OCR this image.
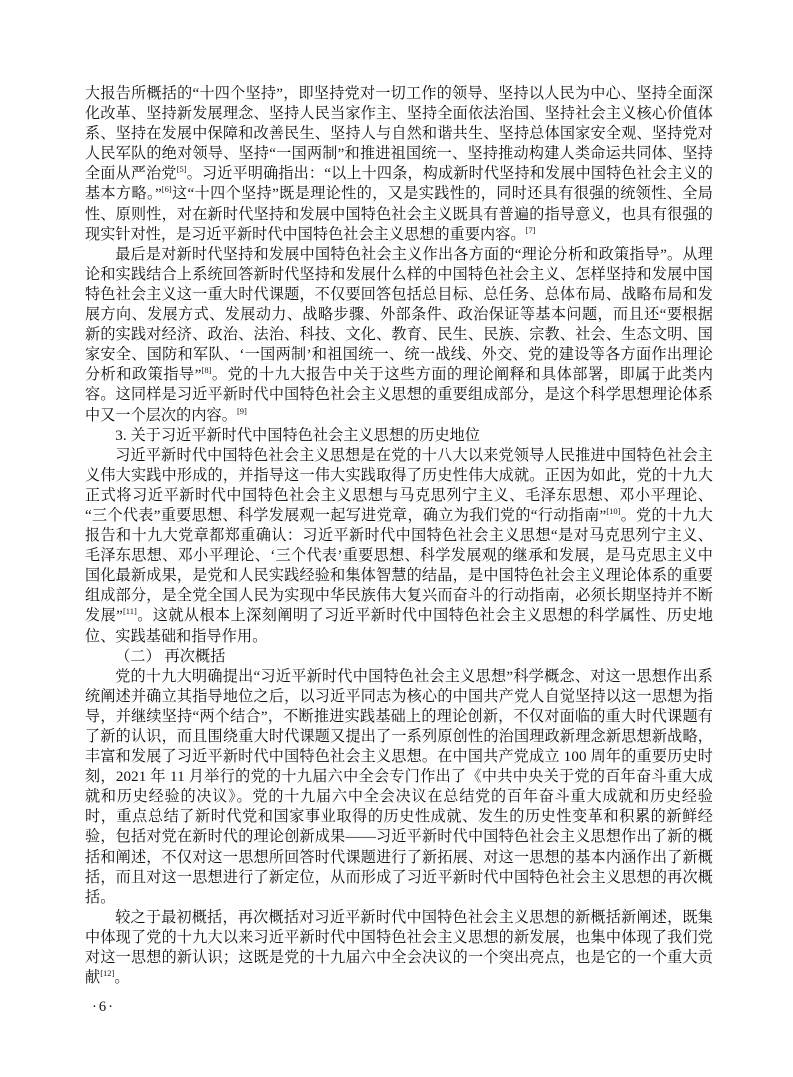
大报告所概括的“十四个坚持”，即坚持党对一切工作的领导、坚持以人民为中心、坚持全面深化改革、坚持新发展理念、坚持人民当家作主、坚持全面依法治国、坚持社会主义核心价值体系、坚持在发展中保障和改善民生、坚持人与自然和谐共生、坚持总体国家安全观、坚持党对人民军队的绝对领导、坚持“一国两制”和推进祖国统一、坚持推动构建人类命运共同体、坚持全面从严治党[5]。习近平明确指出：“以上十四条，构成新时代坚持和发展中国特色社会主义的基本方略。”[6]这“十四个坚持”既是理论性的，又是实践性的，同时还具有很强的统领性、全局性、原则性，对在新时代坚持和发展中国特色社会主义既具有普遍的指导意义，也具有很强的现实针对性，是习近平新时代中国特色社会主义思想的重要内容。[7]

最后是对新时代坚持和发展中国特色社会主义作出各方面的“理论分析和政策指导”。从理论和实践结合上系统回答新时代坚持和发展什么样的中国特色社会主义、怎样坚持和发展中国特色社会主义这一重大时代课题，不仅要回答包括总目标、总任务、总体布局、战略布局和发展方向、发展方式、发展动力、战略步骤、外部条件、政治保证等基本问题，而且还“要根据新的实践对经济、政治、法治、科技、文化、教育、民生、民族、宗教、社会、生态文明、国家安全、国防和军队、‘一国两制’和祖国统一、统一战线、外交、党的建设等各方面作出理论分析和政策指导”[8]。党的十九大报告中关于这些方面的理论阐释和具体部署，即属于此类内容。这同样是习近平新时代中国特色社会主义思想的重要组成部分，是这个科学思想理论体系中又一个层次的内容。[9]

3. 关于习近平新时代中国特色社会主义思想的历史地位

习近平新时代中国特色社会主义思想是在党的十八大以来党领导人民推进中国特色社会主义伟大实践中形成的，并指导这一伟大实践取得了历史性伟大成就。正因为如此，党的十九大正式将习近平新时代中国特色社会主义思想与马克思列宁主义、毛泽东思想、邓小平理论、“三个代表”重要思想、科学发展观一起写进党章，确立为我们党的“行动指南”[10]。党的十九大报告和十九大党章都郑重确认：习近平新时代中国特色社会主义思想“是对马克思列宁主义、毛泽东思想、邓小平理论、‘三个代表’重要思想、科学发展观的继承和发展，是马克思主义中国化最新成果，是党和人民实践经验和集体智慧的结晶，是中国特色社会主义理论体系的重要组成部分，是全党全国人民为实现中华民族伟大复兴而奋斗的行动指南，必须长期坚持并不断发展”[11]。这就从根本上深刻阐明了习近平新时代中国特色社会主义思想的科学属性、历史地位、实践基础和指导作用。

（二） 再次概括

党的十九大明确提出“习近平新时代中国特色社会主义思想”科学概念、对这一思想作出系统阐述并确立其指导地位之后，以习近平同志为核心的中国共产党人自觉坚持以这一思想为指导，并继续坚持“两个结合”，不断推进实践基础上的理论创新，不仅对面临的重大时代课题有了新的认识，而且围绕重大时代课题又提出了一系列原创性的治国理政新理念新思想新战略，丰富和发展了习近平新时代中国特色社会主义思想。在中国共产党成立 100 周年的重要历史时刻，2021 年 11 月举行的党的十九届六中全会专门作出了《中共中央关于党的百年奋斗重大成就和历史经验的决议》。党的十九届六中全会决议在总结党的百年奋斗重大成就和历史经验时，重点总结了新时代党和国家事业取得的历史性成就、发生的历史性变革和积累的新鲜经验，包括对党在新时代的理论创新成果——习近平新时代中国特色社会主义思想作出了新的概括和阐述，不仅对这一思想所回答时代课题进行了新拓展、对这一思想的基本内涵作出了新概括，而且对这一思想进行了新定位，从而形成了习近平新时代中国特色社会主义思想的再次概括。

较之于最初概括，再次概括对习近平新时代中国特色社会主义思想的新概括新阐述，既集中体现了党的十九大以来习近平新时代中国特色社会主义思想的新发展，也集中体现了我们党对这一思想的新认识；这既是党的十九届六中全会决议的一个突出亮点，也是它的一个重大贡献[12]。

·6·
